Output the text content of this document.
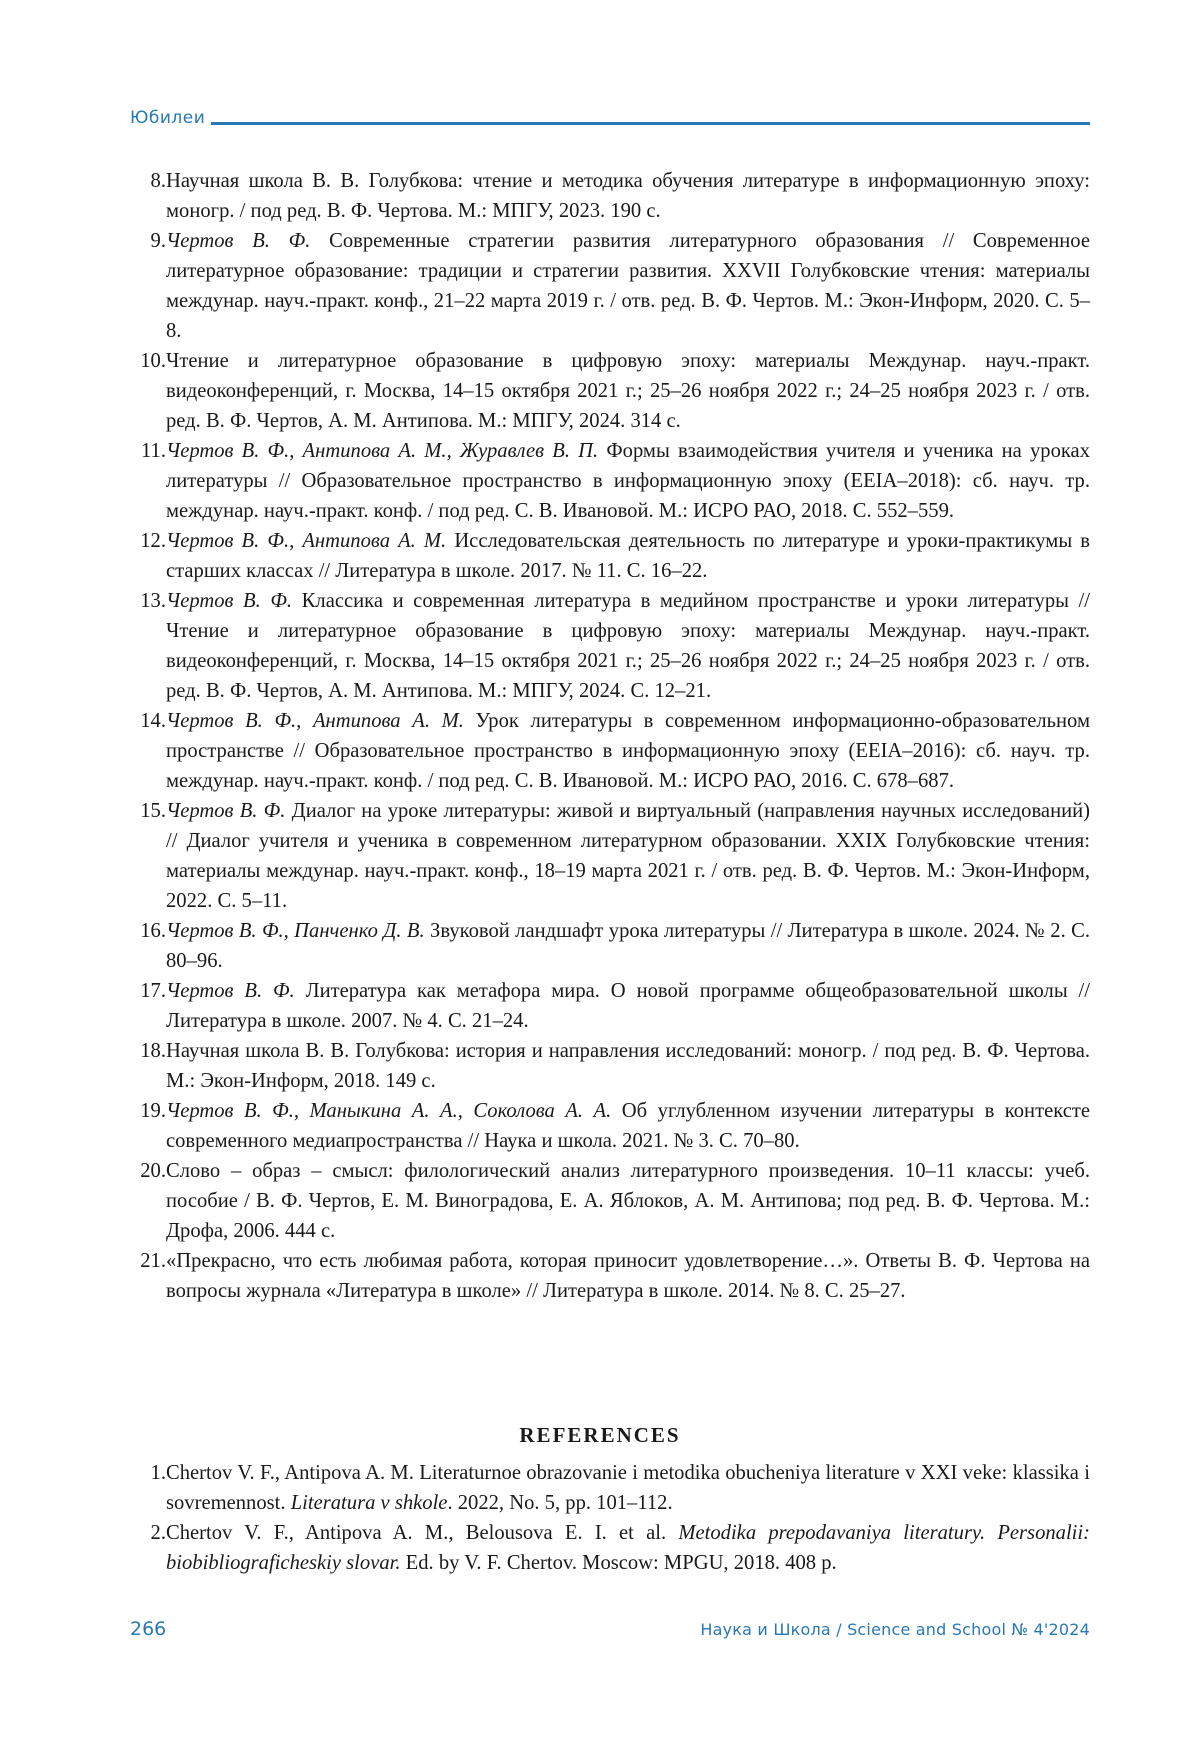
Юбилеи
8. Научная школа В. В. Голубкова: чтение и методика обучения литературе в информационную эпоху: моногр. / под ред. В. Ф. Чертова. М.: МПГУ, 2023. 190 с.
9. Чертов В. Ф. Современные стратегии развития литературного образования // Современное литературное образование: традиции и стратегии развития. XXVII Голубковские чтения: материалы междунар. науч.-практ. конф., 21–22 марта 2019 г. / отв. ред. В. Ф. Чертов. М.: Экон-Информ, 2020. С. 5–8.
10. Чтение и литературное образование в цифровую эпоху: материалы Междунар. науч.-практ. видеоконференций, г. Москва, 14–15 октября 2021 г.; 25–26 ноября 2022 г.; 24–25 ноября 2023 г. / отв. ред. В. Ф. Чертов, А. М. Антипова. М.: МПГУ, 2024. 314 с.
11. Чертов В. Ф., Антипова А. М., Журавлев В. П. Формы взаимодействия учителя и ученика на уроках литературы // Образовательное пространство в информационную эпоху (EEIA–2018): сб. науч. тр. междунар. науч.-практ. конф. / под ред. С. В. Ивановой. М.: ИСРО РАО, 2018. С. 552–559.
12. Чертов В. Ф., Антипова А. М. Исследовательская деятельность по литературе и уроки-практикумы в старших классах // Литература в школе. 2017. № 11. С. 16–22.
13. Чертов В. Ф. Классика и современная литература в медийном пространстве и уроки литературы // Чтение и литературное образование в цифровую эпоху: материалы Междунар. науч.-практ. видеоконференций, г. Москва, 14–15 октября 2021 г.; 25–26 ноября 2022 г.; 24–25 ноября 2023 г. / отв. ред. В. Ф. Чертов, А. М. Антипова. М.: МПГУ, 2024. С. 12–21.
14. Чертов В. Ф., Антипова А. М. Урок литературы в современном информационно-образовательном пространстве // Образовательное пространство в информационную эпоху (EEIA–2016): сб. науч. тр. междунар. науч.-практ. конф. / под ред. С. В. Ивановой. М.: ИСРО РАО, 2016. С. 678–687.
15. Чертов В. Ф. Диалог на уроке литературы: живой и виртуальный (направления научных исследований) // Диалог учителя и ученика в современном литературном образовании. XXIX Голубковские чтения: материалы междунар. науч.-практ. конф., 18–19 марта 2021 г. / отв. ред. В. Ф. Чертов. М.: Экон-Информ, 2022. С. 5–11.
16. Чертов В. Ф., Панченко Д. В. Звуковой ландшафт урока литературы // Литература в школе. 2024. № 2. С. 80–96.
17. Чертов В. Ф. Литература как метафора мира. О новой программе общеобразовательной школы // Литература в школе. 2007. № 4. С. 21–24.
18. Научная школа В. В. Голубкова: история и направления исследований: моногр. / под ред. В. Ф. Чертова. М.: Экон-Информ, 2018. 149 с.
19. Чертов В. Ф., Маныкина А. А., Соколова А. А. Об углубленном изучении литературы в контексте современного медиапространства // Наука и школа. 2021. № 3. С. 70–80.
20. Слово – образ – смысл: филологический анализ литературного произведения. 10–11 классы: учеб. пособие / В. Ф. Чертов, Е. М. Виноградова, Е. А. Яблоков, А. М. Антипова; под ред. В. Ф. Чертова. М.: Дрофа, 2006. 444 с.
21. «Прекрасно, что есть любимая работа, которая приносит удовлетворение…». Ответы В. Ф. Чертова на вопросы журнала «Литература в школе» // Литература в школе. 2014. № 8. С. 25–27.
REFERENCES
1. Chertov V. F., Antipova A. M. Literaturnoe obrazovanie i metodika obucheniya literature v XXI veke: klassika i sovremennost. Literatura v shkole. 2022, No. 5, pp. 101–112.
2. Chertov V. F., Antipova A. M., Belousova E. I. et al. Metodika prepodavaniya literatury. Personalii: biobibliograficheskiy slovar. Ed. by V. F. Chertov. Moscow: MPGU, 2018. 408 p.
266	Наука и Школа / Science and School № 4'2024
